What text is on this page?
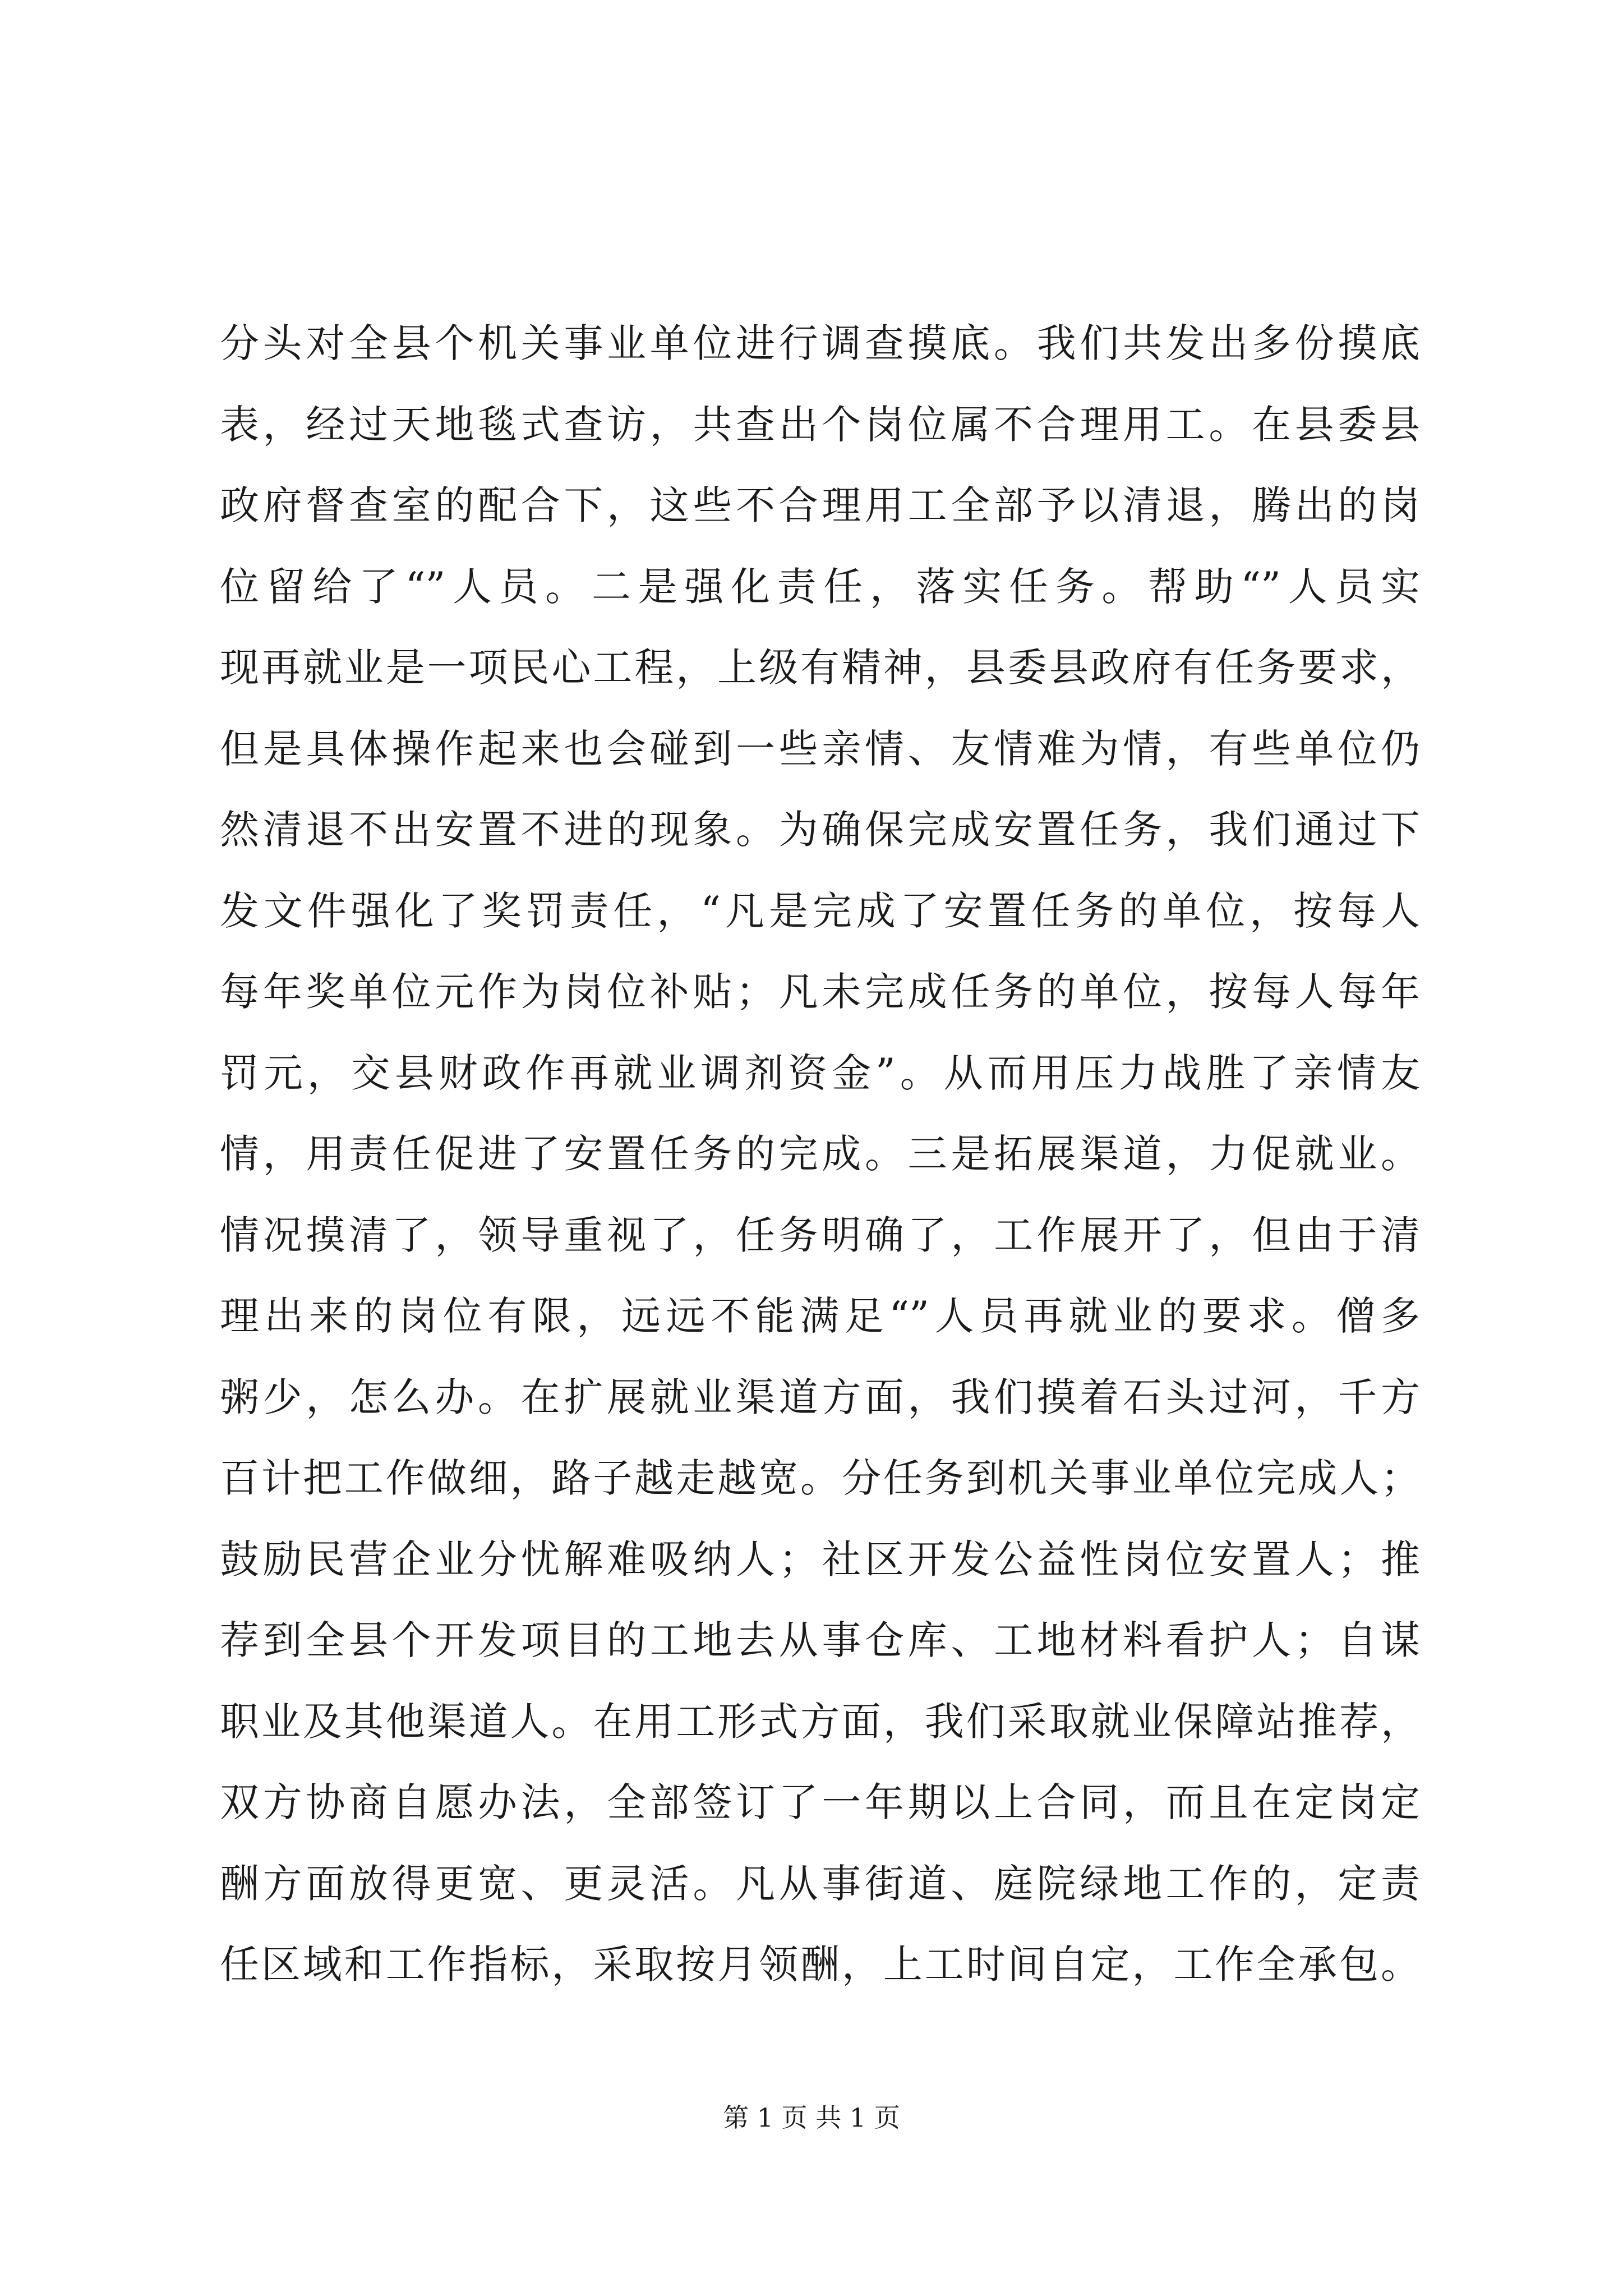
分头对全县个机关事业单位进行调查摸底。我们共发出多份摸底
表，经过天地毯式查访，共查出个岗位属不合理用工。在县委县
政府督查室的配合下，这些不合理用工全部予以清退，腾出的岗
位留给了“”人员。二是强化责任，落实任务。帮助“”人员实
现再就业是一项民心工程，上级有精神，县委县政府有任务要求，
但是具体操作起来也会碰到一些亲情、友情难为情，有些单位仍
然清退不出安置不进的现象。为确保完成安置任务，我们通过下
发文件强化了奖罚责任，“凡是完成了安置任务的单位，按每人
每年奖单位元作为岗位补贴；凡未完成任务的单位，按每人每年
罚元，交县财政作再就业调剂资金”。从而用压力战胜了亲情友
情，用责任促进了安置任务的完成。三是拓展渠道，力促就业。
情况摸清了，领导重视了，任务明确了，工作展开了，但由于清
理出来的岗位有限，远远不能满足“”人员再就业的要求。僧多
粥少，怎么办。在扩展就业渠道方面，我们摸着石头过河，千方
百计把工作做细，路子越走越宽。分任务到机关事业单位完成人；
鼓励民营企业分忧解难吸纳人；社区开发公益性岗位安置人；推
荐到全县个开发项目的工地去从事仓库、工地材料看护人；自谋
职业及其他渠道人。在用工形式方面，我们采取就业保障站推荐，
双方协商自愿办法，全部签订了一年期以上合同，而且在定岗定
酬方面放得更宽、更灵活。凡从事街道、庭院绿地工作的，定责
任区域和工作指标，采取按月领酬，上工时间自定，工作全承包。
第 1 页 共 1 页
